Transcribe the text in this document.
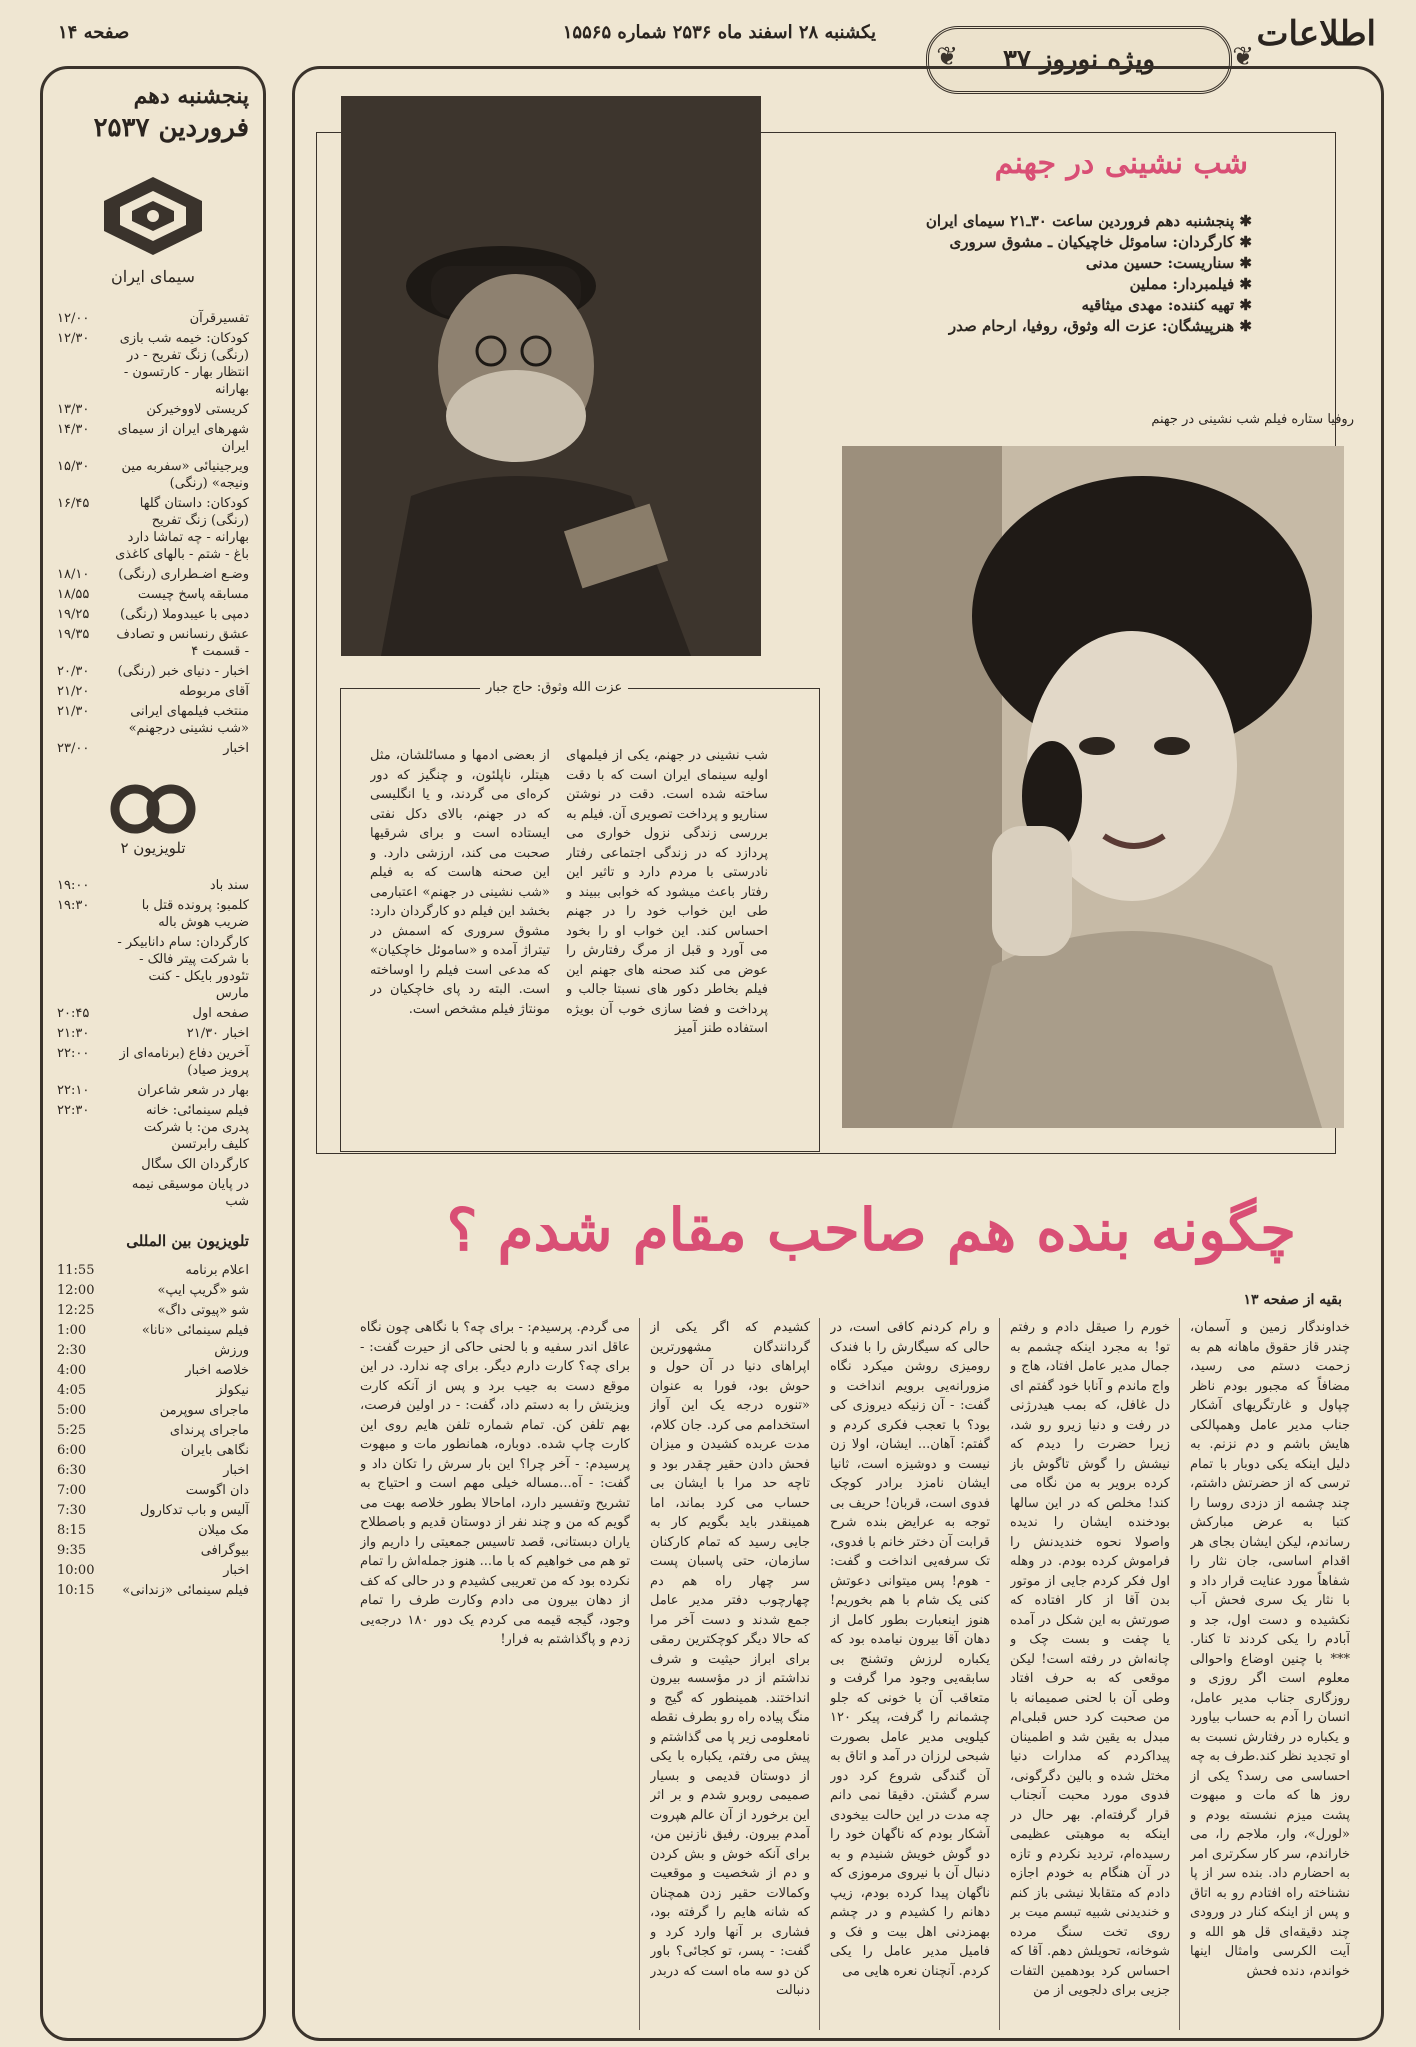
اطلاعات
ویژه نوروز ۳۷
❦	❦
یکشنبه ۲۸ اسفند ماه ۲۵۳۶ شماره ۱۵۵۶۵
صفحه ۱۴
پنجشنبه دهم
فروردین ۲۵۳۷
سیمای ایران
تفسیرقرآن
۱۲/۰۰
کودکان: خیمه شب بازی (رنگی) زنگ تفریح - در انتظار بهار - کارتسون - بهارانه
۱۲/۳۰
کریستی لاووخیرکن
۱۳/۳۰
شهرهای ایران از سیمای ایران
۱۴/۳۰
ویرجینیائی «سفربه مین ونیجه» (رنگی)
۱۵/۳۰
کودکان: داستان گلها (رنگی) زنگ تفریح بهارانه - چه تماشا دارد باغ - شتم - بالهای کاغذی
۱۶/۴۵
وضـع اضـطراری (رنگی)
۱۸/۱۰
مسابقه پاسخ چیست
۱۸/۵۵
دمپی با عیبدوملا (رنگی)
۱۹/۲۵
عشق رنسانس و تصادف - قسمت ۴
۱۹/۳۵
اخبار - دنیای خبر (رنگی)
۲۰/۳۰
آقای مربوطه
۲۱/۲۰
منتخب فیلمهای ایرانی «شب نشینی درجهنم»
۲۱/۳۰
اخبار
۲۳/۰۰
تلویزیون ۲
سند باد
۱۹:۰۰
کلمبو: پرونده قتل با ضریب هوش باله
۱۹:۳۰
کارگردان: سام دانابیکر - با شرکت پیتر فالک - تئودور بایکل - کنت مارس
صفحه اول
۲۰:۴۵
اخبار ۲۱/۳۰
۲۱:۳۰
آخرین دفاع (برنامه‌ای از پرویز صیاد)
۲۲:۰۰
بهار در شعر شاعران
۲۲:۱۰
فیلم سینمائی: خانه پدری من: با شرکت کلیف رابرتسن
۲۲:۳۰
کارگردان الک سگال
در پایان موسیقی نیمه شب
تلویزیون بین المللی
اعلام برنامه
11:55
شو «گریپ ایپ»
12:00
شو «پیوتی داگ»
12:25
فیلم سینمائی «نانا»
1:00
ورزش
2:30
خلاصه اخبار
4:00
نیکولز
4:05
ماجرای سوپرمن
5:00
ماجرای پرندای
5:25
نگاهی بایران
6:00
اخبار
6:30
دان اگوست
7:00
آلیس و باب تدکارول
7:30
مک میلان
8:15
بیوگرافی
9:35
اخبار
10:00
فیلم سینمائی «زندانی»
10:15
شب نشینی در جهنم
✱ پنجشنبه دهم فروردین ساعت ۳۰ـ۲۱ سیمای ایران
✱ کارگردان: ساموئل خاچیکیان ـ مشوق سروری
✱ سناریست: حسین مدنی
✱ فیلمبردار: مملین
✱ تهیه کننده: مهدی میثاقیه
✱ هنرپیشگان: عزت اله وثوق، روفیا، ارحام صدر
روفیا ستاره فیلم شب نشینی در جهنم
عزت الله وثوق: حاج جبار
شب نشینی در جهنم، یکی از فیلمهای اولیه سینمای ایران است که با دقت ساخته شده است. دقت در نوشتن سناریو و پرداخت تصویری آن. فیلم به بررسی زندگی نزول خواری می پردازد که در زندگی اجتماعی رفتار نادرستی با مردم دارد و تاثیر این رفتار باعث میشود که خوابی ببیند و طی این خواب خود را در جهنم احساس کند. این خواب او را بخود می آورد و قبل از مرگ رفتارش را عوض می کند صحنه های جهنم این فیلم بخاطر دکور های نسبتا جالب و پرداخت و فضا سازی خوب آن بویژه استفاده طنز آمیز
از بعضی ادمها و مسائلشان، مثل هیتلر، ناپلئون، و چنگیز که دور کره‌ای می گردند، و یا انگلیسی که در جهنم، بالای دکل نفتی ایستاده است و برای شرقیها صحبت می کند، ارزشی دارد. و این صحنه هاست که به فیلم «شب نشینی در جهنم» اعتبارمی بخشد این فیلم دو کارگردان دارد: مشوق سروری که اسمش در تیتراژ آمده و «ساموئل خاچکیان» که مدعی است فیلم را اوساخته است. البته رد پای خاچکیان در مونتاژ فیلم مشخص است.
چگونه بنده هم صاحب مقام شدم ؟
بقیه از صفحه ۱۳
خداوندگار زمین و آسمان، چندر قاز حقوق ماهانه هم به زحمت دستم می رسید، مضافاً که مجبور بودم ناظر چپاول و غارتگریهای آشکار جناب مدیر عامل وهمپالکی هایش باشم و دم نزنم. به دلیل اینکه یکی دوبار با تمام ترسی که از حضرتش داشتم، چند چشمه از دزدی روسا را کتبا به عرض مبارکش رساندم، لیکن ایشان بجای هر اقدام اساسی، جان نثار را شفاهاً مورد عنایت قرار داد و با نثار یک سری فحش آب نکشیده و دست اول، جد و آبادم را یکی کردند تا کنار. *** با چنین اوضاع واحوالی معلوم است اگر روزی و روزگاری جناب مدیر عامل، انسان را آدم به حساب بیاورد و یکباره در رفتارش نسبت به او تجدید نظر کند.طرف به چه احساسی می رسد؟ یکی از روز ها که مات و مبهوت پشت میزم نشسته بودم و «لورل»، وار، ملاجم را، می خاراندم، سر کار سکرتری امر به احضارم داد. بنده سر از پا نشناخته راه افتادم رو به اتاق و پس از اینکه کنار در ورودی چند دقیقه‌ای قل هو الله و آیت الکرسی وامثال اینها خواندم، دنده فحش
خورم را صیقل دادم و رفتم تو! به مجرد اینکه چشمم به جمال مدیر عامل افتاد، هاج و واج ماندم و آنابا خود گفتم ای دل غافل، که بمب هیدرژنی در رفت و دنیا زیرو رو شد، زیرا حضرت را دیدم که نیشش را گوش تاگوش باز کرده برویر به من نگاه می کند! مخلص که در این سالها بودخنده ایشان را ندیده واصولا نحوه خندیدنش را فراموش کرده بودم. در وهله اول فکر کردم جایی از موتور بدن آقا از کار افتاده که صورتش به این شکل در آمده یا چفت و بست چک و چانه‌اش در رفته است! لیکن موقعی که به حرف افتاد وطی آن با لحنی صمیمانه با من صحبت کرد حس قبلی‌ام مبدل به یقین شد و اطمینان پیداکردم که مدارات دنیا مختل شده و بالین دگرگونی، فدوی مورد محبت آنجناب قرار گرفته‌ام. بهر حال در اینکه به موهبتی عظیمی رسیده‌ام، تردید نکردم و تازه در آن هنگام به خودم اجازه دادم که متقابلا نیشی باز کنم و خندیدنی شبیه تبسم میت بر روی تخت سنگ مرده شوخانه، تحویلش دهم. آقا که احساس کرد بودهمین التفات جزیی برای دلجویی از من
و رام کردنم کافی است، در حالی که سیگارش را با فندک رومیزی روشن میکرد نگاه مزورانه‌یی برویم انداخت و گفت: - آن زنیکه دیروزی کی بود؟ با تعجب فکری کردم و گفتم: آهان... ایشان، اولا زن نیست و دوشیزه است، ثانیا ایشان نامزد برادر کوچک فدوی است، قربان! حریف بی توجه به عرایض بنده شرح قرابت آن دختر خانم با فدوی، تک سرفه‌یی انداخت و گفت: - هوم! پس میتوانی دعوتش کنی یک شام با هم بخوریم! هنوز اینعبارت بطور کامل از دهان آقا بیرون نیامده بود که یکباره لرزش وتشنج بی سابقه‌یی وجود مرا گرفت و متعاقب آن با خونی که جلو چشمانم را گرفت، پیکر ۱۲۰ کیلویی مدیر عامل بصورت شبحی لرزان در آمد و اتاق به آن گندگی شروع کرد دور سرم گشتن. دقیقا نمی دانم چه مدت در این حالت بیخودی آشکار بودم که ناگهان خود را دو گوش خویش شنیدم و به دنبال آن با نیروی مرموزی که ناگهان پیدا کرده بودم، زیپ دهانم را کشیدم و در چشم بهمزدنی اهل بیت و فک و فامیل مدیر عامل را یکی کردم. آنچنان نعره هایی می
کشیدم که اگر یکی از گردانندگان مشهورترین اپراهای دنیا در آن حول و حوش بود، فورا به عنوان «تنوره درجه یک این آواز استخدامم می کرد. جان کلام، مدت عربده کشیدن و میزان فحش دادن حقیر چقدر بود و تاچه حد مرا با ایشان بی حساب می کرد بماند، اما همینقدر باید بگویم کار به جایی رسید که تمام کارکنان سازمان، حتی پاسبان پست سر چهار راه هم دم چهارچوب دفتر مدیر عامل جمع شدند و دست آخر مرا که حالا دیگر کوچکترین رمقی برای ابراز حیثیت و شرف نداشتم از در مؤسسه بیرون انداختند. همینطور که گیج و منگ پیاده راه رو بطرف نقطه نامعلومی زیر پا می گذاشتم و پیش می رفتم، یکباره با یکی از دوستان قدیمی و بسیار صمیمی روبرو شدم و بر اثر این برخورد از آن عالم هپروت آمدم بیرون. رفیق نازنین من، برای آنکه خوش و بش کردن و دم از شخصیت و موقعیت وکمالات حقیر زدن همچنان که شانه هایم را گرفته بود، فشاری بر آنها وارد کرد و گفت: - پسر، تو کجائی؟ باور کن دو سه ماه است که دربدر دنبالت
می گردم. پرسیدم: - برای چه؟ با نگاهی چون نگاه عاقل اندر سفیه و با لحنی حاکی از حیرت گفت: - برای چه؟ کارت دارم دیگر. برای چه ندارد. در این موقع دست به جیب برد و پس از آنکه کارت ویزیتش را به دستم داد، گفت: - در اولین فرصت، بهم تلفن کن. تمام شماره تلفن هایم روی این کارت چاپ شده. دوباره، همانطور مات و مبهوت پرسیدم: - آخر چرا؟ این بار سرش را تکان داد و گفت: - آه...مساله خیلی مهم است و احتیاج به تشریح وتفسیر دارد، اماحالا بطور خلاصه بهت می گویم که من و چند نفر از دوستان قدیم و باصطلاح یاران دبستانی، قصد تاسیس جمعیتی را داریم واز تو هم می خواهیم که با ما... هنوز جمله‌اش را تمام نکرده بود که من تعریبی کشیدم و در حالی که کف از دهان بیرون می دادم وکارت طرف را تمام وجود، گیجه قیمه می کردم یک دور ۱۸۰ درجه‌یی زدم و پاگذاشتم به فرار!
